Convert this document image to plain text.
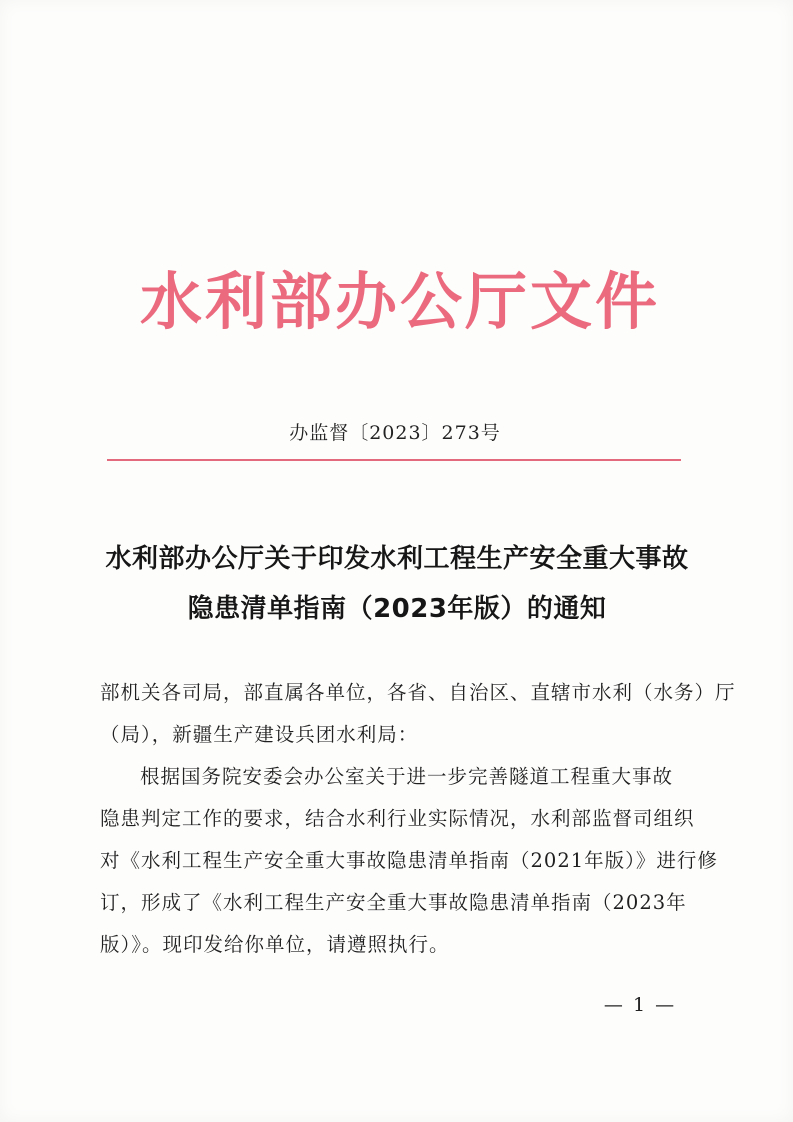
水利部办公厅文件
办监督〔2023〕273号
水利部办公厅关于印发水利工程生产安全重大事故
隐患清单指南（2023年版）的通知
部机关各司局，部直属各单位，各省、自治区、直辖市水利（水务）厅
（局），新疆生产建设兵团水利局：
根据国务院安委会办公室关于进一步完善隧道工程重大事故
隐患判定工作的要求，结合水利行业实际情况，水利部监督司组织
对《水利工程生产安全重大事故隐患清单指南（2021年版）》进行修
订，形成了《水利工程生产安全重大事故隐患清单指南（2023年
版）》。现印发给你单位，请遵照执行。
— 1 —
